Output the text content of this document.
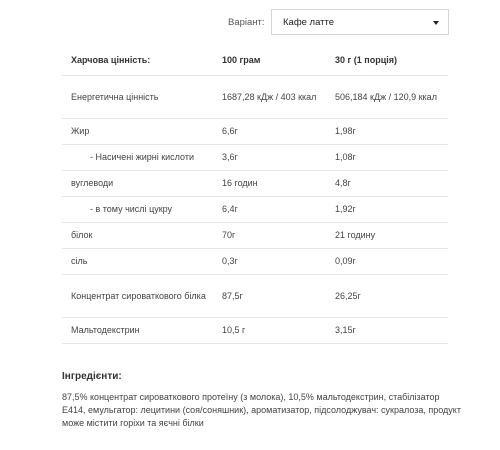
Варіант: Кафе латте
Харчова цінність:	100 грам	30 г (1 порція)
Енергетична цінність	1687,28 кДж / 403 ккал	506,184 кДж / 120,9 ккал
Жир	6,6г	1,98г
- Насичені жирні кислоти	3,6г	1,08г
вуглеводи	16 годин	4,8г
- в тому числі цукру	6,4г	1,92г
білок	70г	21 годину
сіль	0,3г	0,09г
Концентрат сироваткового білка	87,5г	26,25г
Мальтодекстрин	10,5 г	3,15г
Інгредієнти:
87,5% концентрат сироваткового протеїну (з молока), 10,5% мальтодекстрин, стабілізатор E414, емульгатор: лецитини (соя/соняшник), ароматизатор, підсолоджувач: сукралоза, продукт може містити горіхи та яєчні білки
